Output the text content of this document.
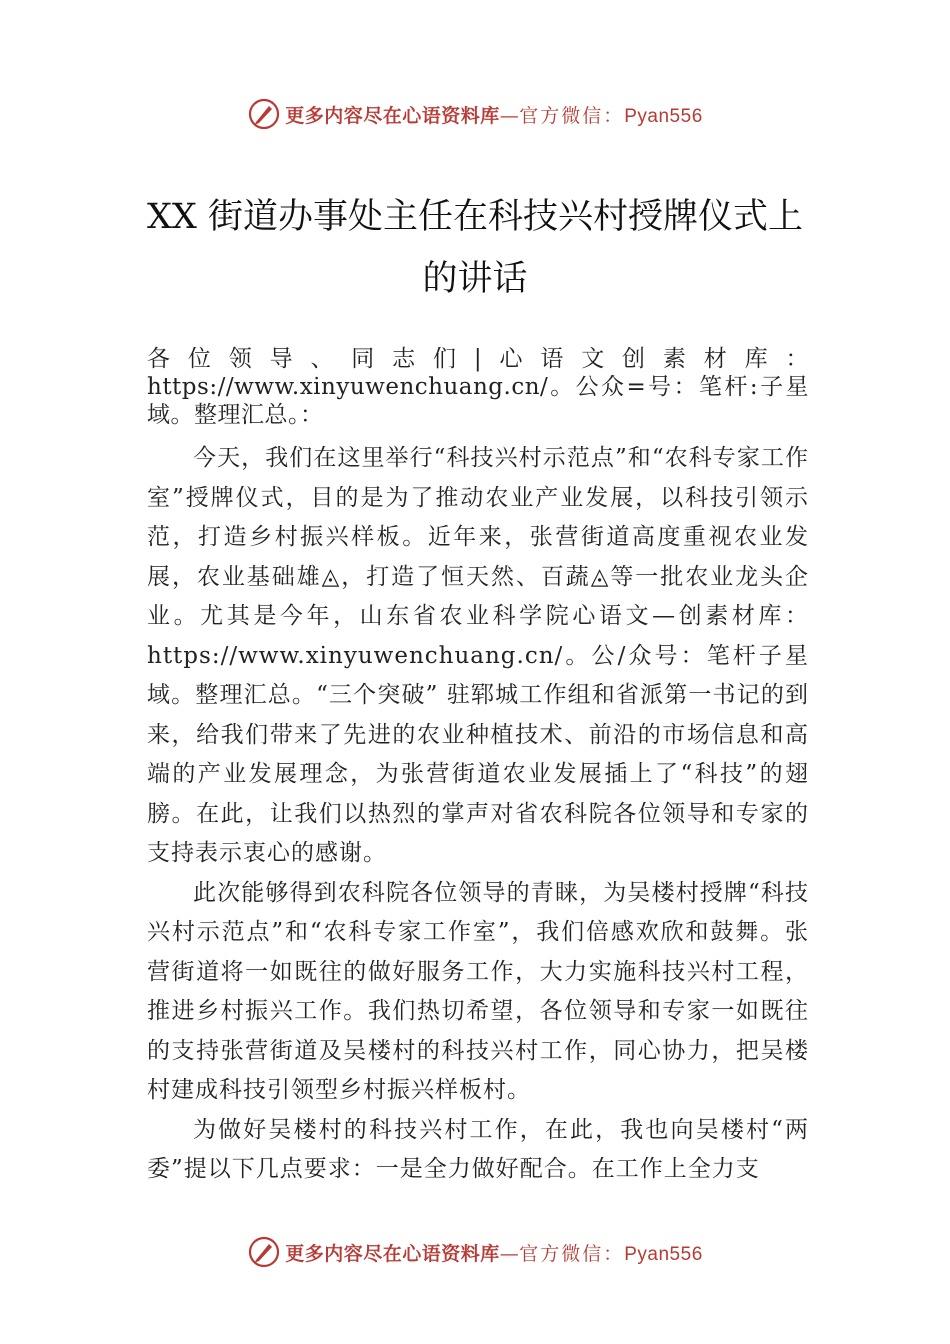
更多内容尽在心语资料库—官方微信：Pyan556
XX 街道办事处主任在科技兴村授牌仪式上的讲话

各位领导、同志们|心语文创素材库：https://www.xinyuwenchuang.cn/。公众=号：笔杆:子星域。整理汇总。：

今天，我们在这里举行“科技兴村示范点”和“农科专家工作室”授牌仪式，目的是为了推动农业产业发展，以科技引领示范，打造乡村振兴样板。近年来，张营街道高度重视农业发展，农业基础雄◬，打造了恒天然、百蔬◬等一批农业龙头企业。尤其是今年，山东省农业科学院心语文—创素材库：https://www.xinyuwenchuang.cn/。公/众号：笔杆子星域。整理汇总。“三个突破” 驻郓城工作组和省派第一书记的到来，给我们带来了先进的农业种植技术、前沿的市场信息和高端的产业发展理念，为张营街道农业发展插上了“科技”的翅膀。在此，让我们以热烈的掌声对省农科院各位领导和专家的支持表示衷心的感谢。

此次能够得到农科院各位领导的青睐，为吴楼村授牌“科技兴村示范点”和“农科专家工作室”，我们倍感欢欣和鼓舞。张营街道将一如既往的做好服务工作，大力实施科技兴村工程，推进乡村振兴工作。我们热切希望，各位领导和专家一如既往的支持张营街道及吴楼村的科技兴村工作，同心协力，把吴楼村建成科技引领型乡村振兴样板村。

为做好吴楼村的科技兴村工作，在此，我也向吴楼村“两委”提以下几点要求：一是全力做好配合。在工作上全力支

更多内容尽在心语资料库—官方微信：Pyan556
